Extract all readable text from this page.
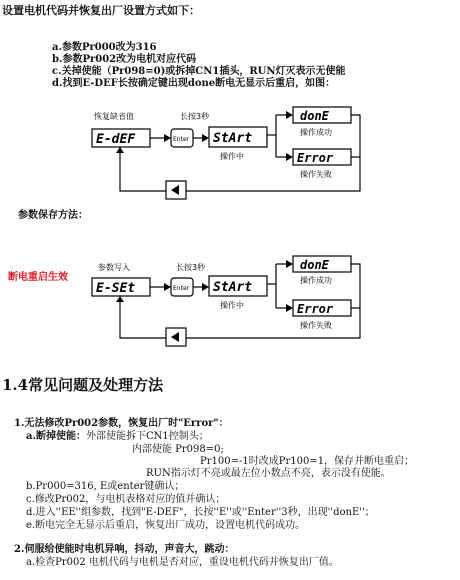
设置电机代码并恢复出厂设置方式如下：
a.参数Pr000改为316
b.参数Pr002改为电机对应代码
c.关掉使能（Pr098=0)或拆掉CN1插头，RUN灯灭表示无使能
d.找到E-DEF长按确定键出现done断电无显示后重启，如图：
恢复缺省值	长按3秒
E-dEF	Enter StArt
操作中
donE
操作成功
Error
操作失败
参数保存方法：
断电重启生效
参数写入	长按3秒
E-SEt	Enter StArt
操作中
donE
操作成功
Error
操作失败
1.4常见问题及处理方法
1.无法修改Pr002参数，恢复出厂时"Error"：
a.断掉使能：外部使能拆下CN1控制头；
内部使能 Pr098=0;
Pr100=-1时改成Pr100=1，保存并断电重启；
RUN指示灯不亮或最左位小数点不亮，表示没有使能。
b.Pr000=316, E或enter键确认；
c.修改Pr002，与电机表格对应的值并确认；
d.进入''EE''组参数，找到"E-DEF"，长按''E''或''Enter''3秒，出现''donE''；
e.断电完全无显示后重启，恢复出厂成功，设置电机代码成功。
2.伺服给使能时电机异响，抖动，声音大，跳动：
a.检查Pr002 电机代码与电机是否对应，重设电机代码并恢复出厂值。
